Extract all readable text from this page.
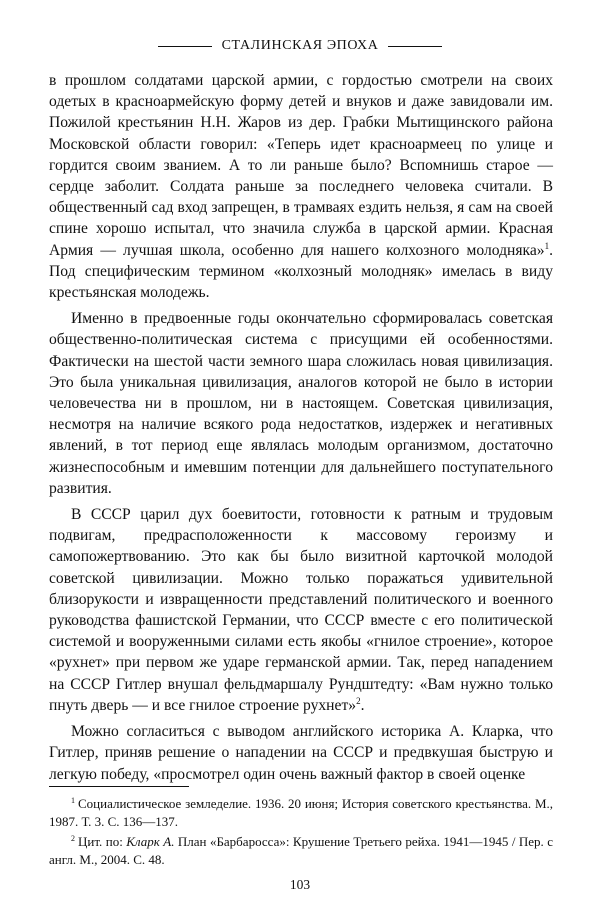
СТАЛИНСКАЯ ЭПОХА

в прошлом солдатами царской армии, с гордостью смотрели на своих одетых в красноармейскую форму детей и внуков и даже завидовали им. Пожилой крестьянин Н.Н. Жаров из дер. Грабки Мытищинского района Московской области говорил: «Теперь идет красноармеец по улице и гордится своим званием. А то ли раньше было? Вспомнишь старое — сердце заболит. Солдата раньше за последнего человека считали. В общественный сад вход запрещен, в трамваях ездить нельзя, я сам на своей спине хорошо испытал, что значила служба в царской армии. Красная Армия — лучшая школа, особенно для нашего колхозного молодняка»$^1$. Под специфическим термином «колхозный молодняк» имелась в виду крестьянская молодежь.

Именно в предвоенные годы окончательно сформировалась советская общественно-политическая система с присущими ей особенностями. Фактически на шестой части земного шара сложилась новая цивилизация. Это была уникальная цивилизация, аналогов которой не было в истории человечества ни в прошлом, ни в настоящем. Советская цивилизация, несмотря на наличие всякого рода недостатков, издержек и негативных явлений, в тот период еще являлась молодым организмом, достаточно жизнеспособным и имевшим потенции для дальнейшего поступательного развития.

В СССР царил дух боевитости, готовности к ратным и трудовым подвигам, предрасположенности к массовому героизму и самопожертвованию. Это как бы было визитной карточкой молодой советской цивилизации. Можно только поражаться удивительной близорукости и извращенности представлений политического и военного руководства фашистской Германии, что СССР вместе с его политической системой и вооруженными силами есть якобы «гнилое строение», которое «рухнет» при первом же ударе германской армии. Так, перед нападением на СССР Гитлер внушал фельдмаршалу Рундштедту: «Вам нужно только пнуть дверь — и все гнилое строение рухнет»$^2$.

Можно согласиться с выводом английского историка А. Кларка, что Гитлер, приняв решение о нападении на СССР и предвкушая быструю и легкую победу, «просмотрел один очень важный фактор в своей оценке

$^1$ Социалистическое земледелие. 1936. 20 июня; История советского крестьянства. М., 1987. Т. 3. С. 136—137.

$^2$ Цит. по: Кларк А. План «Барбаросса»: Крушение Третьего рейха. 1941—1945 / Пер. с англ. М., 2004. С. 48.

103
